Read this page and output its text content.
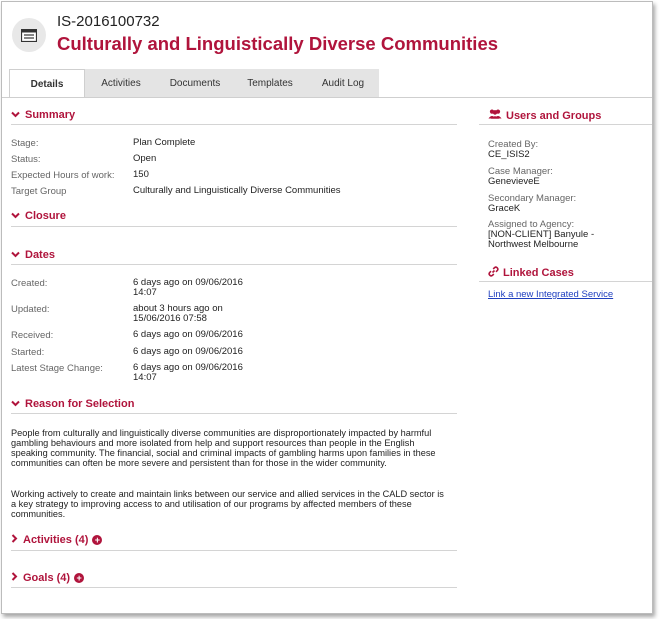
IS-2016100732
Culturally and Linguistically Diverse Communities
Details	Activities	Documents	Templates	Audit Log
Summary
Stage:	Plan Complete
Status:	Open
Expected Hours of work: 150
Target Group	Culturally and Linguistically Diverse Communities
Closure
Dates
Created:	6 days ago on 09/06/2016 14:07
Updated:	about 3 hours ago on 15/06/2016 07:58
Received:	6 days ago on 09/06/2016
Started:	6 days ago on 09/06/2016
Latest Stage Change:	6 days ago on 09/06/2016 14:07
Reason for Selection
People from culturally and linguistically diverse communities are disproportionately impacted by harmful gambling behaviours and more isolated from help and support resources than people in the English speaking community. The financial, social and criminal impacts of gambling harms upon families in these communities can often be more severe and persistent than for those in the wider community.
Working actively to create and maintain links between our service and allied services in the CALD sector is a key strategy to improving access to and utilisation of our programs by affected members of these communities.
Activities (4) +
Goals (4) +
Users and Groups
Created By:
CE_ISIS2
Case Manager:
GenevieveE
Secondary Manager:
GraceK
Assigned to Agency:
[NON-CLIENT] Banyule - Northwest Melbourne
Linked Cases
Link a new Integrated Service
